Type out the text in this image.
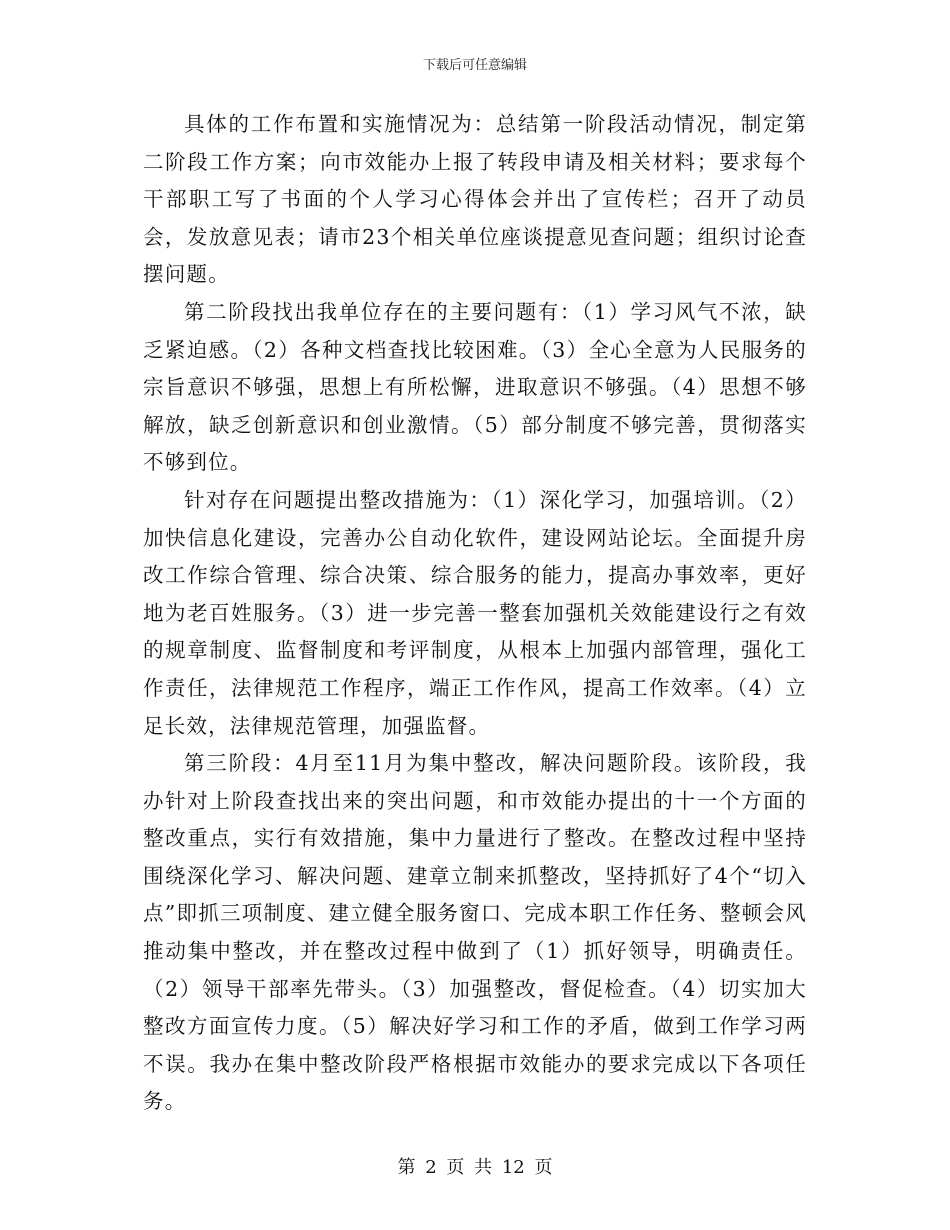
下载后可任意编辑

具体的工作布置和实施情况为：总结第一阶段活动情况，制定第二阶段工作方案；向市效能办上报了转段申请及相关材料；要求每个干部职工写了书面的个人学习心得体会并出了宣传栏；召开了动员会，发放意见表；请市23个相关单位座谈提意见查问题；组织讨论查摆问题。

第二阶段找出我单位存在的主要问题有：（1）学习风气不浓，缺乏紧迫感。（2）各种文档查找比较困难。（3）全心全意为人民服务的宗旨意识不够强，思想上有所松懈，进取意识不够强。（4）思想不够解放，缺乏创新意识和创业激情。（5）部分制度不够完善，贯彻落实不够到位。

针对存在问题提出整改措施为：（1）深化学习，加强培训。（2）加快信息化建设，完善办公自动化软件，建设网站论坛。全面提升房改工作综合管理、综合决策、综合服务的能力，提高办事效率，更好地为老百姓服务。（3）进一步完善一整套加强机关效能建设行之有效的规章制度、监督制度和考评制度，从根本上加强内部管理，强化工作责任，法律规范工作程序，端正工作作风，提高工作效率。（4）立足长效，法律规范管理，加强监督。

第三阶段：4月至11月为集中整改，解决问题阶段。该阶段，我办针对上阶段查找出来的突出问题，和市效能办提出的十一个方面的整改重点，实行有效措施，集中力量进行了整改。在整改过程中坚持围绕深化学习、解决问题、建章立制来抓整改，坚持抓好了4个“切入点”即抓三项制度、建立健全服务窗口、完成本职工作任务、整顿会风推动集中整改，并在整改过程中做到了（1）抓好领导，明确责任。（2）领导干部率先带头。（3）加强整改，督促检查。（4）切实加大整改方面宣传力度。（5）解决好学习和工作的矛盾，做到工作学习两不误。我办在集中整改阶段严格根据市效能办的要求完成以下各项任务。

第 2 页 共 12 页
